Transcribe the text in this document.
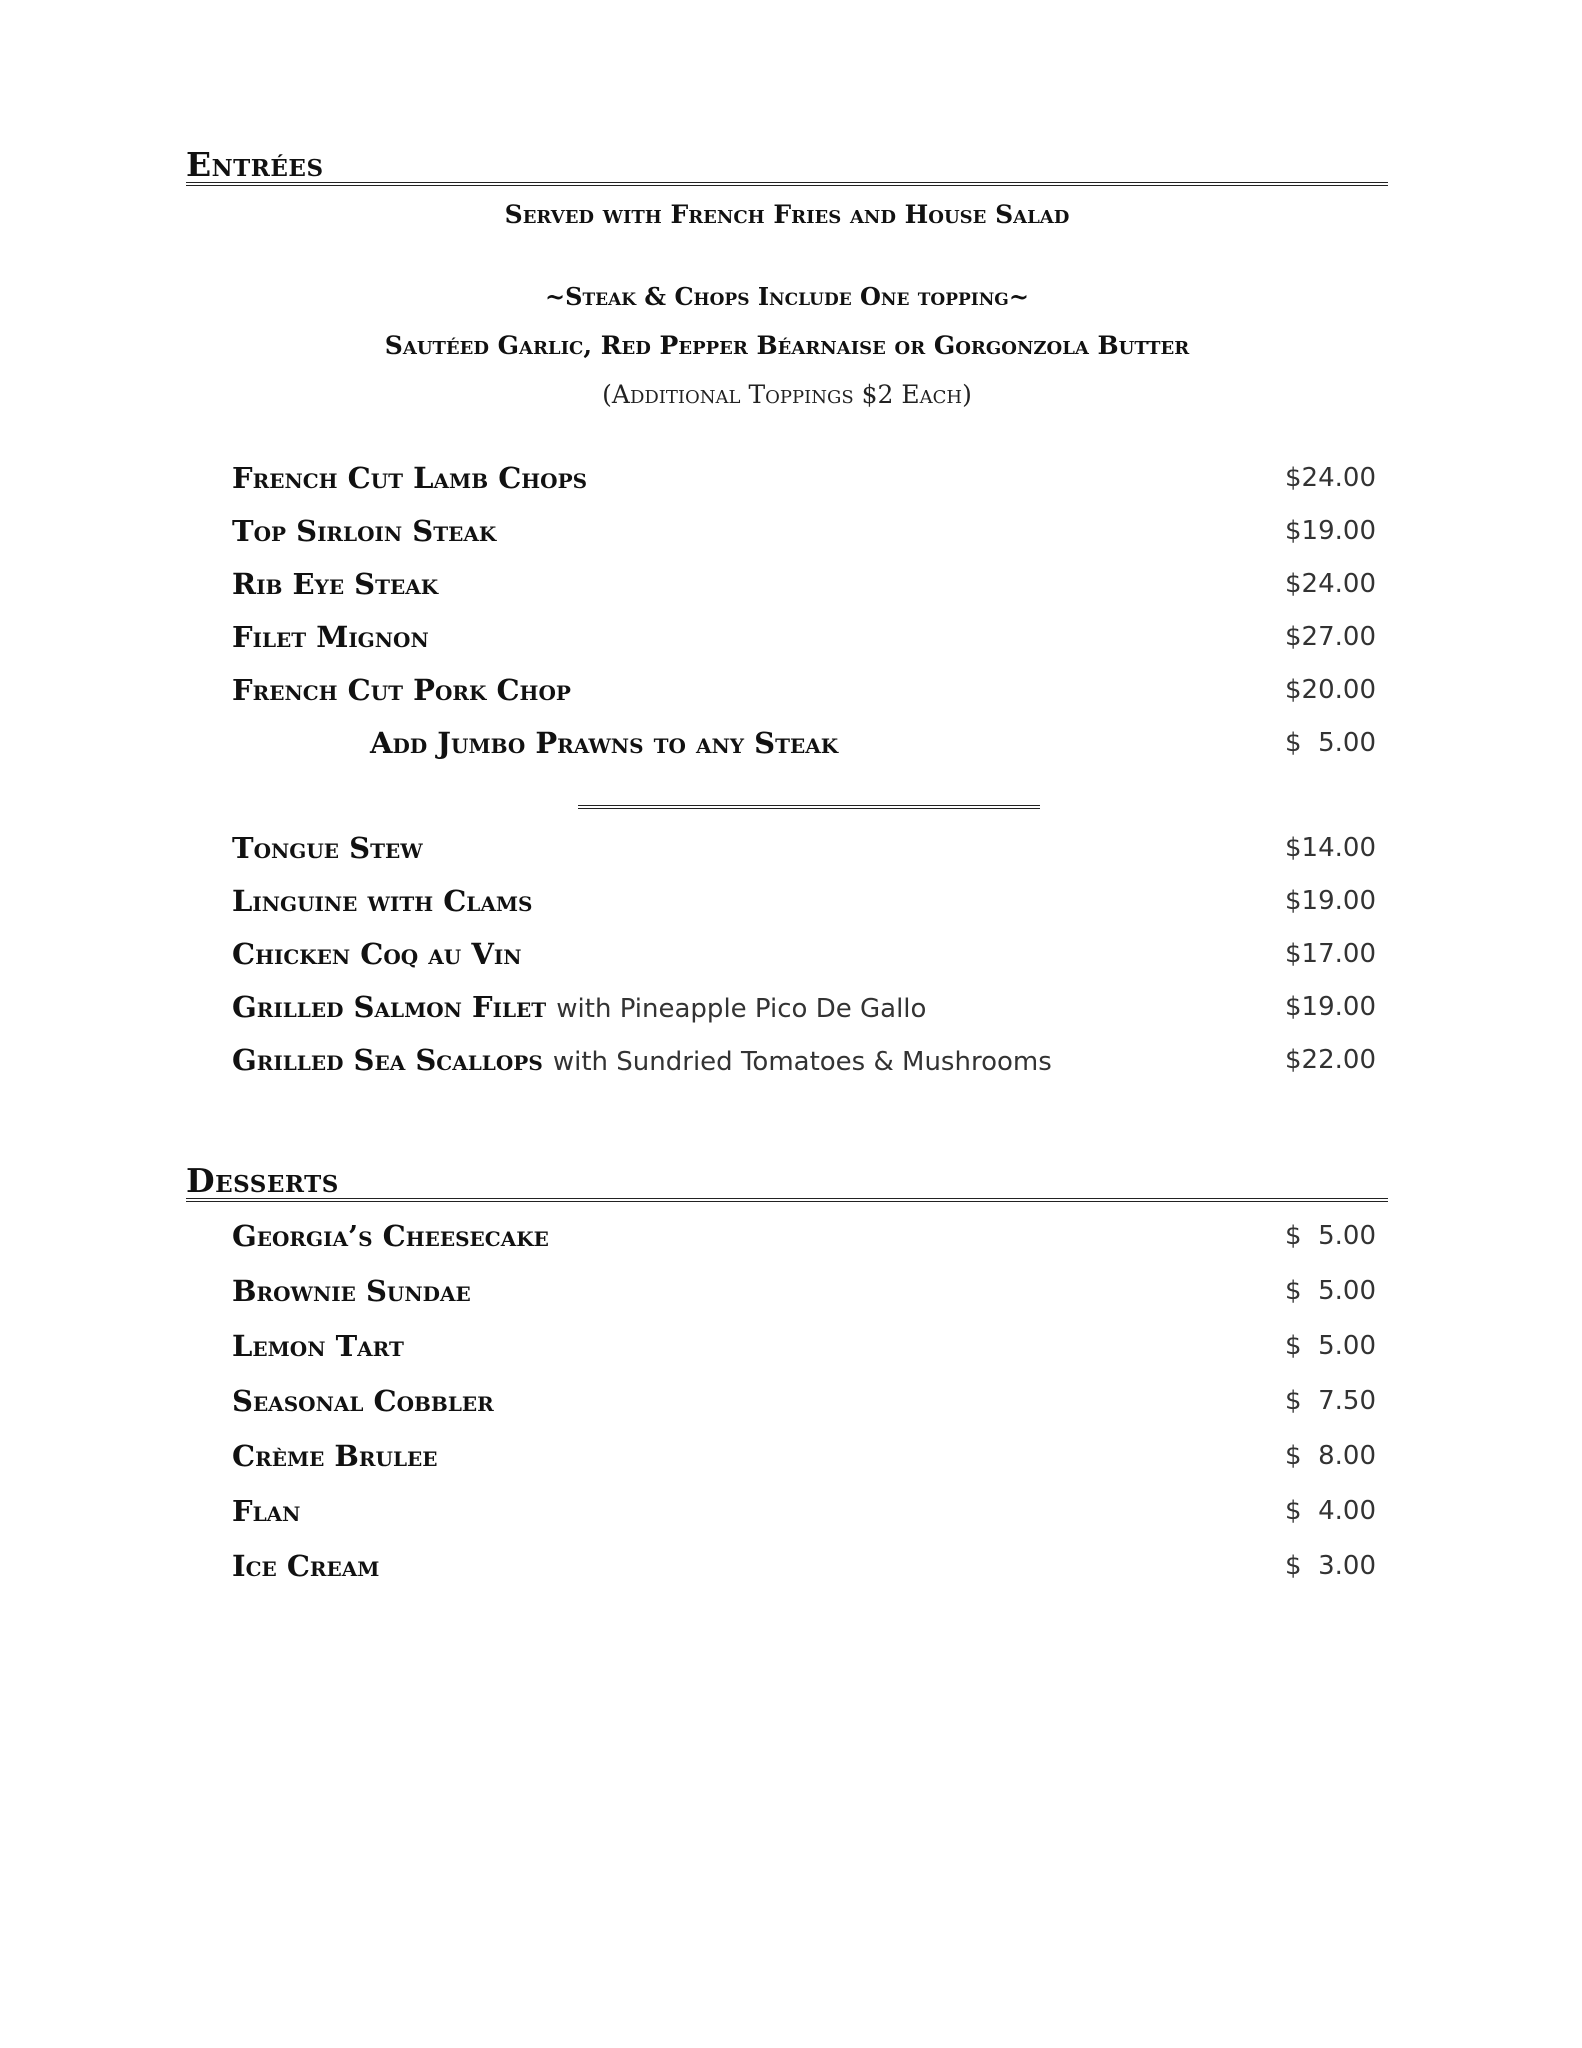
Entrées
Served with French Fries and House Salad
~Steak & Chops Include One topping~
Sautéed Garlic, Red Pepper Béarnaise or Gorgonzola Butter
(Additional Toppings $2 Each)
French Cut Lamb Chops	$24.00
Top Sirloin Steak	$19.00
Rib Eye Steak	$24.00
Filet Mignon	$27.00
French Cut Pork Chop	$20.00
Add Jumbo Prawns to any Steak	$  5.00
Tongue Stew	$14.00
Linguine with Clams	$19.00
Chicken Coq au Vin	$17.00
Grilled Salmon Filet with Pineapple Pico De Gallo	$19.00
Grilled Sea Scallops with Sundried Tomatoes & Mushrooms	$22.00
Desserts
Georgia’s Cheesecake	$  5.00
Brownie Sundae	$  5.00
Lemon Tart	$  5.00
Seasonal Cobbler	$  7.50
Crème Brulee	$  8.00
Flan	$  4.00
Ice Cream	$  3.00
